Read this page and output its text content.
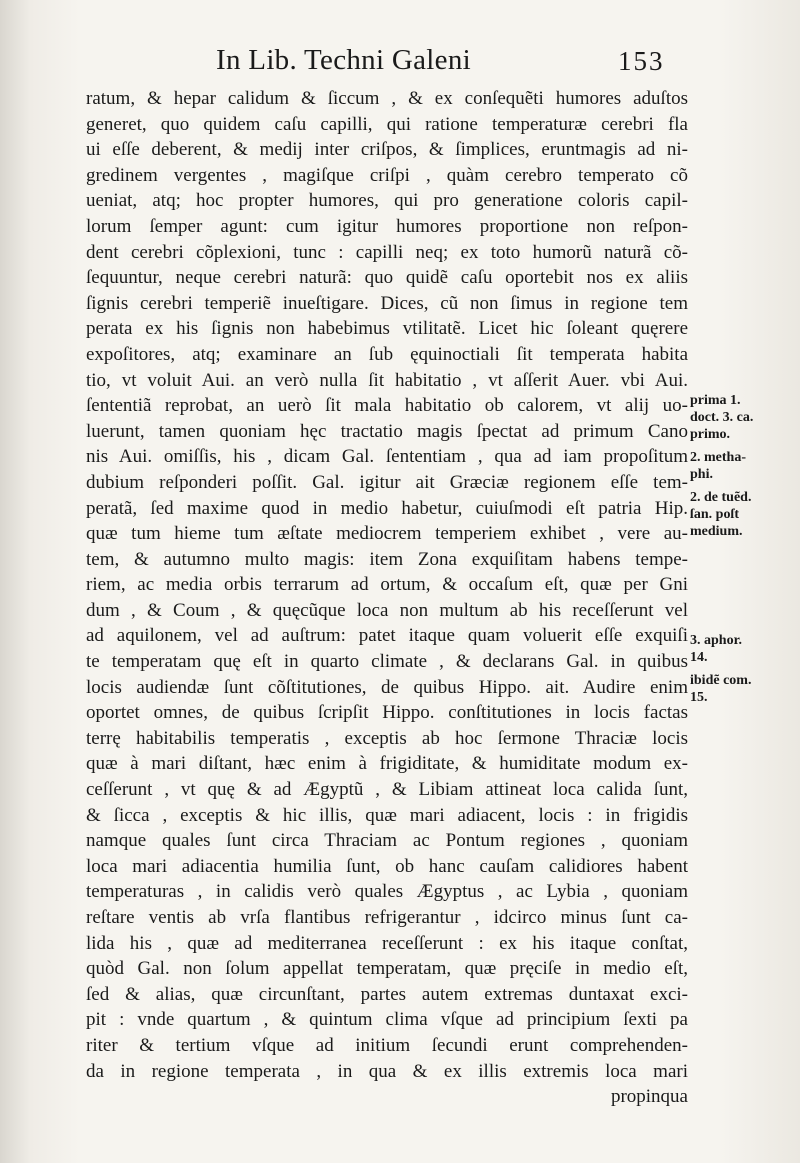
In Lib. Techni Galeni	153
ratum, & hepar calidum & ſiccum , & ex conſequẽti humores aduſtos
generet, quo quidem caſu capilli, qui ratione temperaturæ cerebri fla
ui eſſe deberent, & medij inter criſpos, & ſimplices, eruntmagis ad ni-
gredinem vergentes , magiſque criſpi , quàm cerebro temperato cõ
ueniat, atq; hoc propter humores, qui pro generatione coloris capil-
lorum ſemper agunt: cum igitur humores proportione non reſpon-
dent cerebri cõplexioni, tunc : capilli neq; ex toto humorũ naturã cõ-
ſequuntur, neque cerebri naturã: quo quidẽ caſu oportebit nos ex aliis
ſignis cerebri temperiẽ inueſtigare. Dices, cũ non ſimus in regione tem
perata ex his ſignis non habebimus vtilitatẽ. Licet hic ſoleant quęrere
expoſitores, atq; examinare an ſub ęquinoctiali ſit temperata habita
tio, vt voluit Aui. an verò nulla ſit habitatio , vt aſſerit Auer. vbi Aui.
ſententiã reprobat, an uerò ſit mala habitatio ob calorem, vt alij uo-
luerunt, tamen quoniam hęc tractatio magis ſpectat ad primum Cano
nis Aui. omiſſis, his , dicam Gal. ſententiam , qua ad iam propoſitum
dubium reſponderi poſſit. Gal. igitur ait Græciæ regionem eſſe tem-
peratã, ſed maxime quod in medio habetur, cuiuſmodi eſt patria Hip.
quæ tum hieme tum æſtate mediocrem temperiem exhibet , vere au-
tem, & autumno multo magis: item Zona exquiſitam habens tempe-
riem, ac media orbis terrarum ad ortum, & occaſum eſt, quæ per Gni
dum , & Coum , & quęcũque loca non multum ab his receſſerunt vel
ad aquilonem, vel ad auſtrum: patet itaque quam voluerit eſſe exquiſi
te temperatam quę eſt in quarto climate , & declarans Gal. in quibus
locis audiendæ ſunt cõſtitutiones, de quibus Hippo. ait. Audire enim
oportet omnes, de quibus ſcripſit Hippo. conſtitutiones in locis factas
terrę habitabilis temperatis , exceptis ab hoc ſermone Thraciæ locis
quæ à mari diſtant, hæc enim à frigiditate, & humiditate modum ex-
ceſſerunt , vt quę & ad Ægyptũ , & Libiam attineat loca calida ſunt,
& ſicca , exceptis & hic illis, quæ mari adiacent, locis : in frigidis
namque quales ſunt circa Thraciam ac Pontum regiones , quoniam
loca mari adiacentia humilia ſunt, ob hanc cauſam calidiores habent
temperaturas , in calidis verò quales Ægyptus , ac Lybia , quoniam
reſtare ventis ab vrſa flantibus refrigerantur , idcirco minus ſunt ca-
lida his , quæ ad mediterranea receſſerunt : ex his itaque conſtat,
quòd Gal. non ſolum appellat temperatam, quæ pręciſe in medio eſt,
ſed & alias, quæ circunſtant, partes autem extremas duntaxat exci-
pit : vnde quartum , & quintum clima vſque ad principium ſexti pa
riter & tertium vſque ad initium ſecundi erunt comprehenden-
da in regione temperata , in qua & ex illis extremis loca mari
propinqua
prima 1.
doct. 3. ca.
primo.
2. metha-
phi.
2. de tuẽd.
ſan. poſt
medium.
3. aphor.
14.
ibidẽ com.
15.
